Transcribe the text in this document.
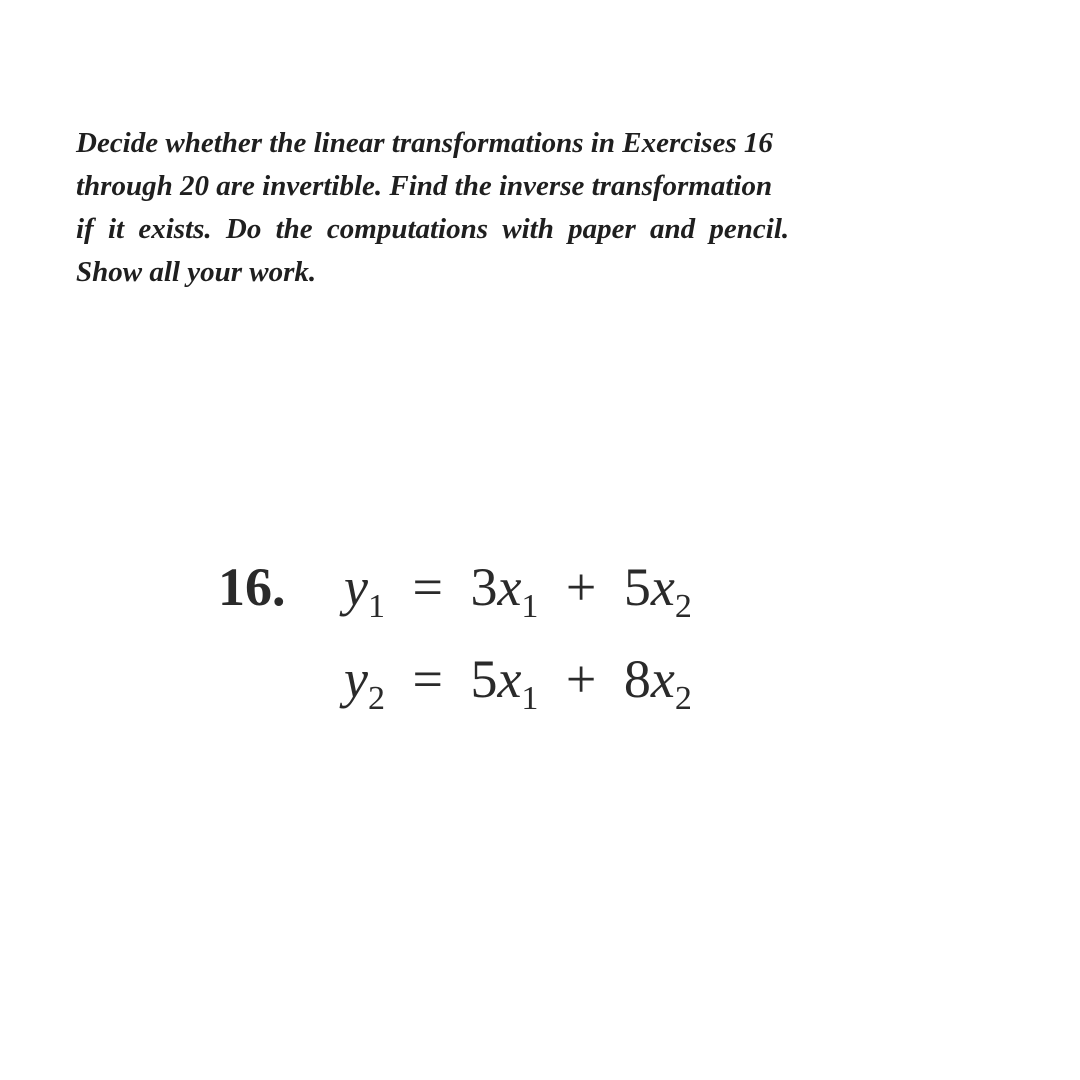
Decide whether the linear transformations in Exercises 16
through 20 are invertible. Find the inverse transformation
if it exists. Do the computations with paper and pencil.
Show all your work.

16. $y_1 = 3x_1 + 5x_2$
$y_2 = 5x_1 + 8x_2$
